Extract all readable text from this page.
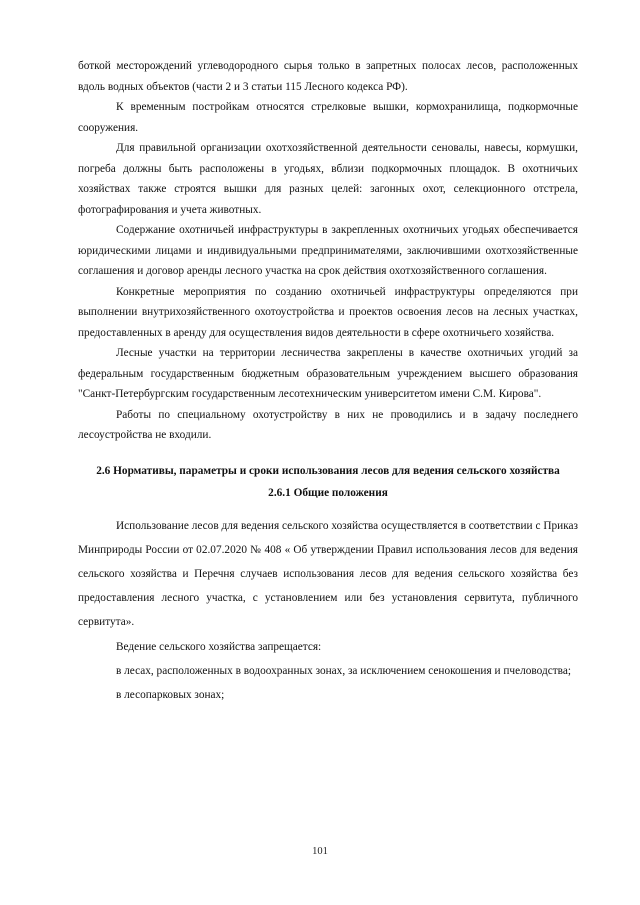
боткой месторождений углеводородного сырья только в запретных полосах лесов, расположенных вдоль водных объектов (части 2 и 3 статьи 115 Лесного кодекса РФ).

К временным постройкам относятся стрелковые вышки, кормохранилища, подкормочные сооружения.

Для правильной организации охотхозяйственной деятельности сеновалы, навесы, кормушки, погреба должны быть расположены в угодьях, вблизи подкормочных площадок. В охотничьих хозяйствах также строятся вышки для разных целей: загонных охот, селекционного отстрела, фотографирования и учета животных.

Содержание охотничьей инфраструктуры в закрепленных охотничьих угодьях обеспечивается юридическими лицами и индивидуальными предпринимателями, заключившими охотхозяйственные соглашения и договор аренды лесного участка на срок действия охотхозяйственного соглашения.

Конкретные мероприятия по созданию охотничьей инфраструктуры определяются при выполнении внутрихозяйственного охотоустройства и проектов освоения лесов на лесных участках, предоставленных в аренду для осуществления видов деятельности в сфере охотничьего хозяйства.

Лесные участки на территории лесничества закреплены в качестве охотничьих угодий за федеральным государственным бюджетным образовательным учреждением высшего образования "Санкт-Петербургским государственным лесотехническим университетом имени С.М. Кирова".

Работы по специальному охотустройству в них не проводились и в задачу последнего лесоустройства не входили.

2.6 Нормативы, параметры и сроки использования лесов для ведения сельского хозяйства
2.6.1 Общие положения

Использование лесов для ведения сельского хозяйства осуществляется в соответствии с Приказ Минприроды России от 02.07.2020 № 408 « Об утверждении Правил использования лесов для ведения сельского хозяйства и Перечня случаев использования лесов для ведения сельского хозяйства без предоставления лесного участка, с установлением или без установления сервитута, публичного сервитута».

Ведение сельского хозяйства запрещается:

в лесах, расположенных в водоохранных зонах, за исключением сенокошения и пчеловодства;

в лесопарковых зонах;

101
